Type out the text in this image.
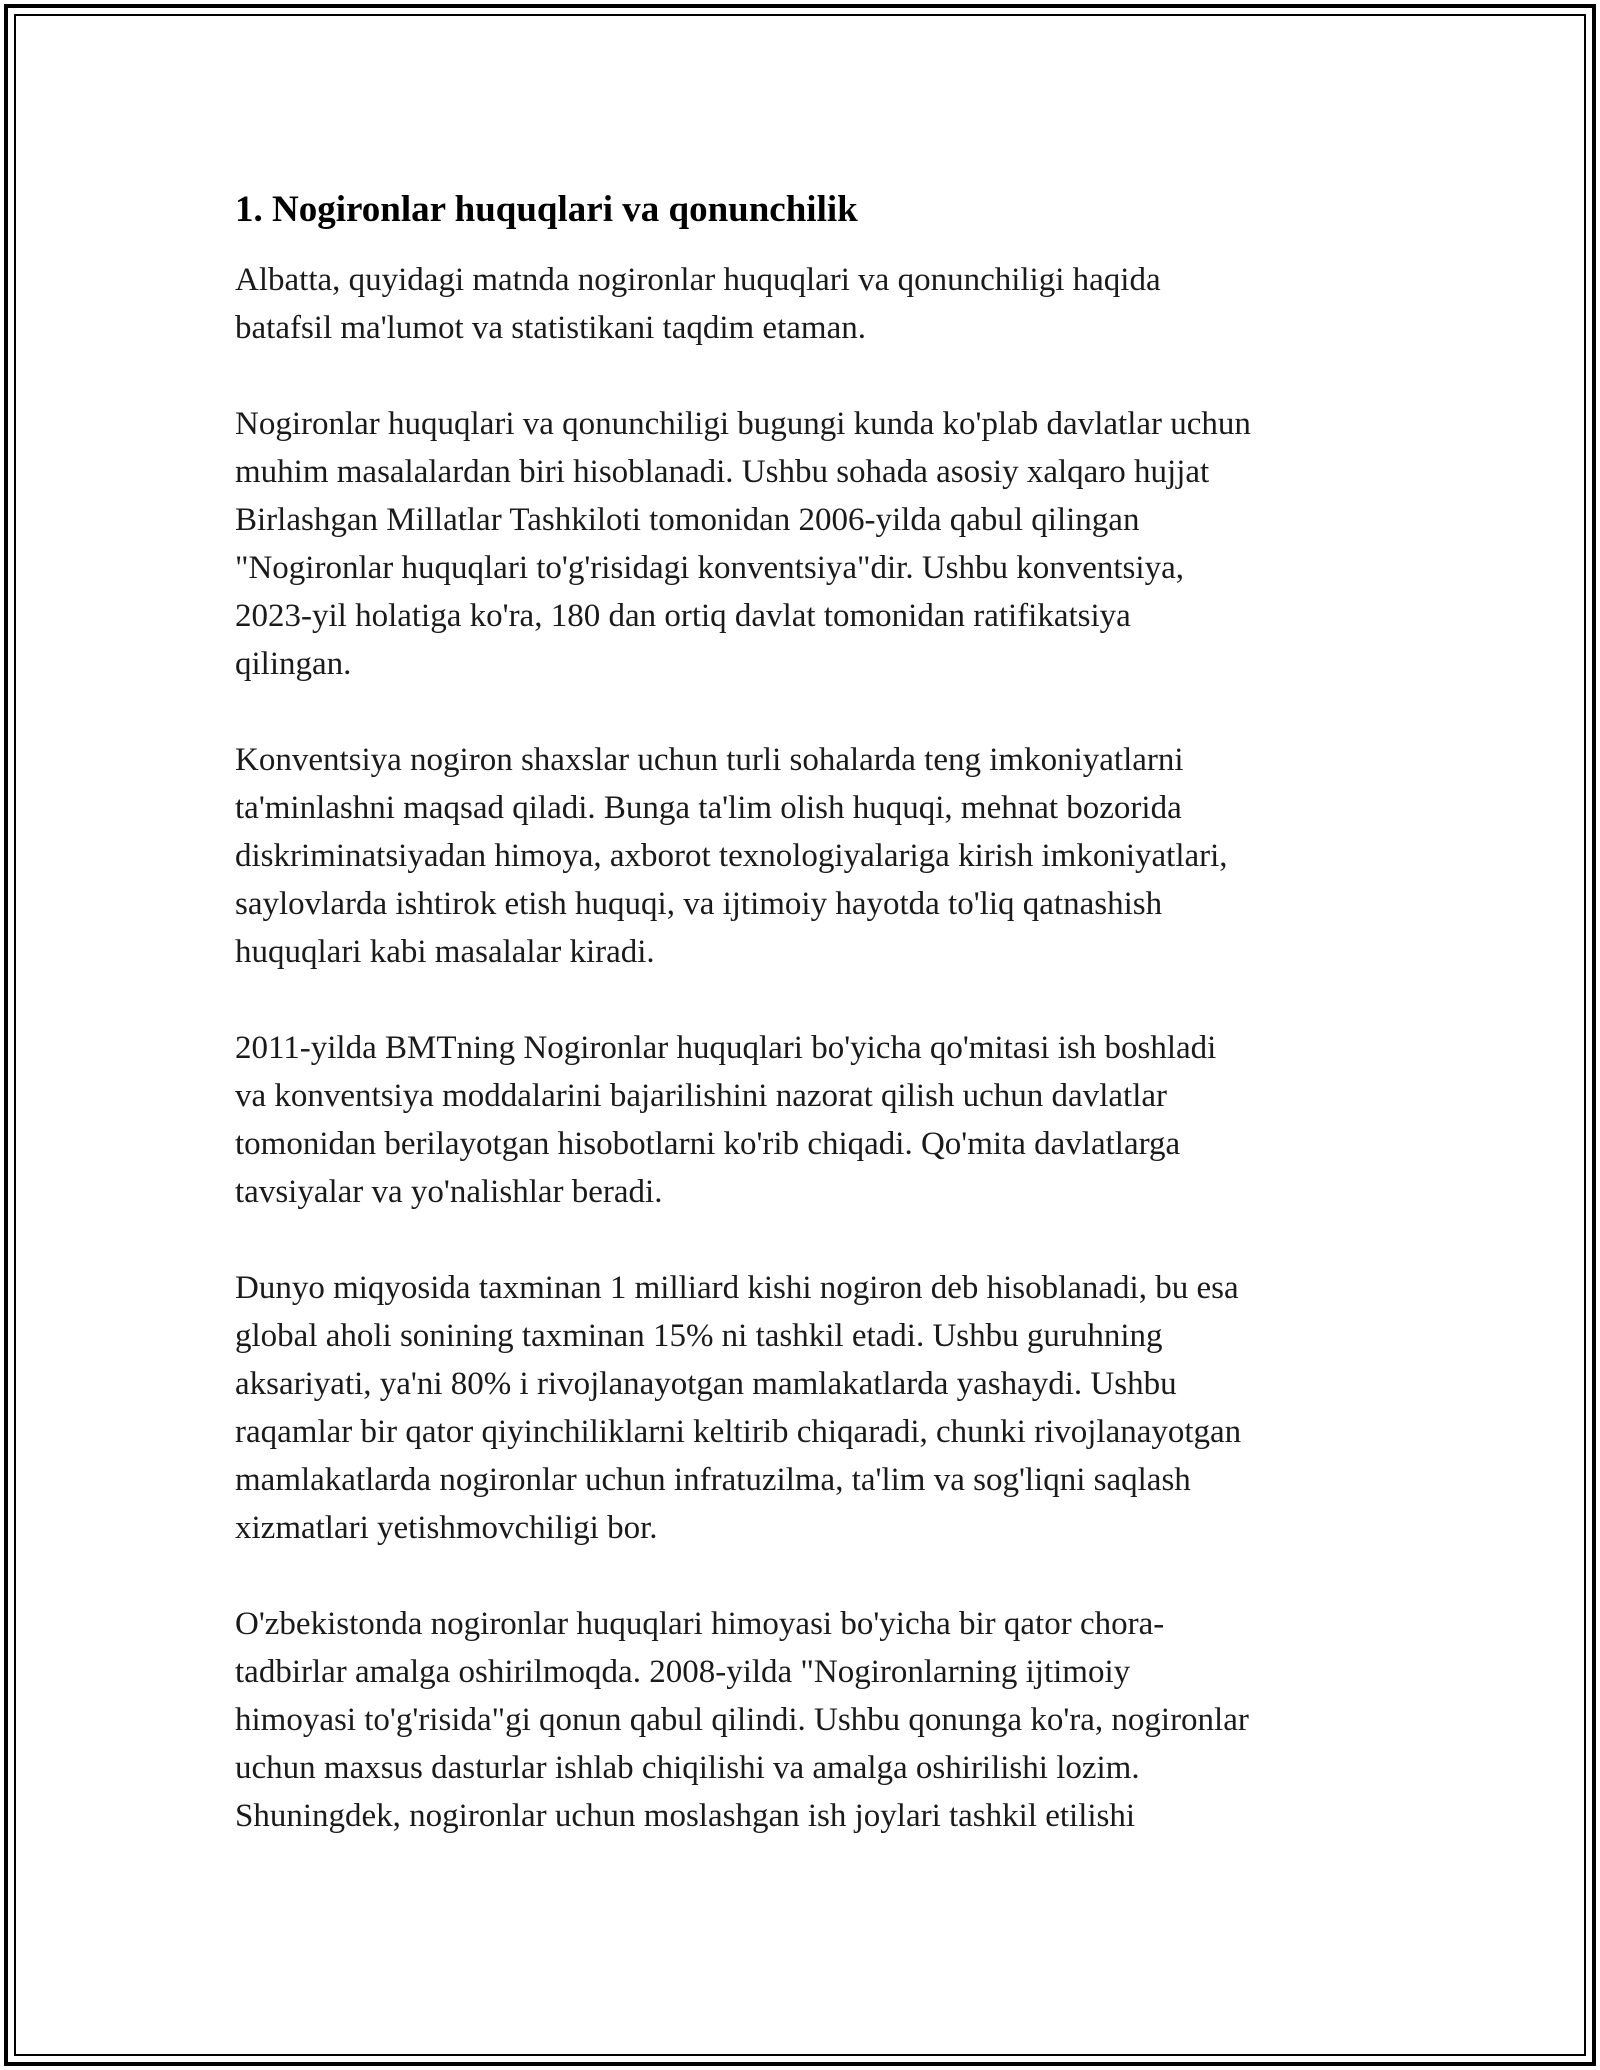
1. Nogironlar huquqlari va qonunchilik

Albatta, quyidagi matnda nogironlar huquqlari va qonunchiligi haqida
batafsil ma'lumot va statistikani taqdim etaman.

Nogironlar huquqlari va qonunchiligi bugungi kunda ko'plab davlatlar uchun
muhim masalalardan biri hisoblanadi. Ushbu sohada asosiy xalqaro hujjat
Birlashgan Millatlar Tashkiloti tomonidan 2006-yilda qabul qilingan
"Nogironlar huquqlari to'g'risidagi konventsiya"dir. Ushbu konventsiya,
2023-yil holatiga ko'ra, 180 dan ortiq davlat tomonidan ratifikatsiya
qilingan.

Konventsiya nogiron shaxslar uchun turli sohalarda teng imkoniyatlarni
ta'minlashni maqsad qiladi. Bunga ta'lim olish huquqi, mehnat bozorida
diskriminatsiyadan himoya, axborot texnologiyalariga kirish imkoniyatlari,
saylovlarda ishtirok etish huquqi, va ijtimoiy hayotda to'liq qatnashish
huquqlari kabi masalalar kiradi.

2011-yilda BMTning Nogironlar huquqlari bo'yicha qo'mitasi ish boshladi
va konventsiya moddalarini bajarilishini nazorat qilish uchun davlatlar
tomonidan berilayotgan hisobotlarni ko'rib chiqadi. Qo'mita davlatlarga
tavsiyalar va yo'nalishlar beradi.

Dunyo miqyosida taxminan 1 milliard kishi nogiron deb hisoblanadi, bu esa
global aholi sonining taxminan 15% ni tashkil etadi. Ushbu guruhning
aksariyati, ya'ni 80% i rivojlanayotgan mamlakatlarda yashaydi. Ushbu
raqamlar bir qator qiyinchiliklarni keltirib chiqaradi, chunki rivojlanayotgan
mamlakatlarda nogironlar uchun infratuzilma, ta'lim va sog'liqni saqlash
xizmatlari yetishmovchiligi bor.

O'zbekistonda nogironlar huquqlari himoyasi bo'yicha bir qator chora-
tadbirlar amalga oshirilmoqda. 2008-yilda "Nogironlarning ijtimoiy
himoyasi to'g'risida"gi qonun qabul qilindi. Ushbu qonunga ko'ra, nogironlar
uchun maxsus dasturlar ishlab chiqilishi va amalga oshirilishi lozim.
Shuningdek, nogironlar uchun moslashgan ish joylari tashkil etilishi
